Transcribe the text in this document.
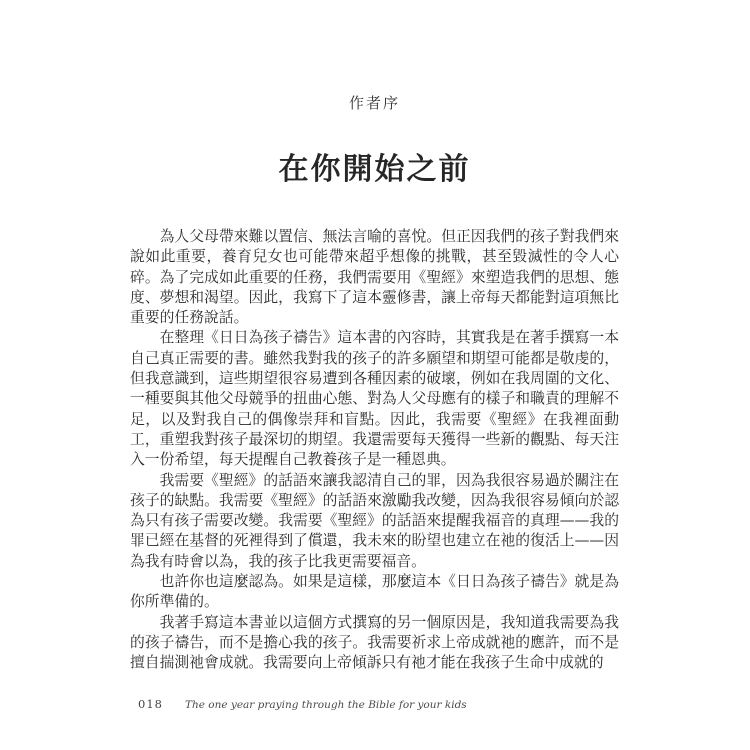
作者序
在你開始之前

為人父母帶來難以置信、無法言喻的喜悅。但正因我們的孩子對我們來說如此重要，養育兒女也可能帶來超乎想像的挑戰，甚至毀滅性的令人心碎。為了完成如此重要的任務，我們需要用《聖經》來塑造我們的思想、態度、夢想和渴望。因此，我寫下了這本靈修書，讓上帝每天都能對這項無比重要的任務說話。

在整理《日日為孩子禱告》這本書的內容時，其實我是在著手撰寫一本自己真正需要的書。雖然我對我的孩子的許多願望和期望可能都是敬虔的，但我意識到，這些期望很容易遭到各種因素的破壞，例如在我周圍的文化、一種要與其他父母競爭的扭曲心態、對為人父母應有的樣子和職責的理解不足，以及對我自己的偶像崇拜和盲點。因此，我需要《聖經》在我裡面動工，重塑我對孩子最深切的期望。我還需要每天獲得一些新的觀點、每天注入一份希望，每天提醒自己教養孩子是一種恩典。

我需要《聖經》的話語來讓我認清自己的罪，因為我很容易過於關注在孩子的缺點。我需要《聖經》的話語來激勵我改變，因為我很容易傾向於認為只有孩子需要改變。我需要《聖經》的話語來提醒我福音的真理——我的罪已經在基督的死裡得到了償還，我未來的盼望也建立在祂的復活上——因為我有時會以為，我的孩子比我更需要福音。

也許你也這麼認為。如果是這樣，那麼這本《日日為孩子禱告》就是為你所準備的。

我著手寫這本書並以這個方式撰寫的另一個原因是，我知道我需要為我的孩子禱告，而不是擔心我的孩子。我需要祈求上帝成就祂的應許，而不是擅自揣測祂會成就。我需要向上帝傾訴只有祂才能在我孩子生命中成就的

018 The one year praying through the Bible for your kids
